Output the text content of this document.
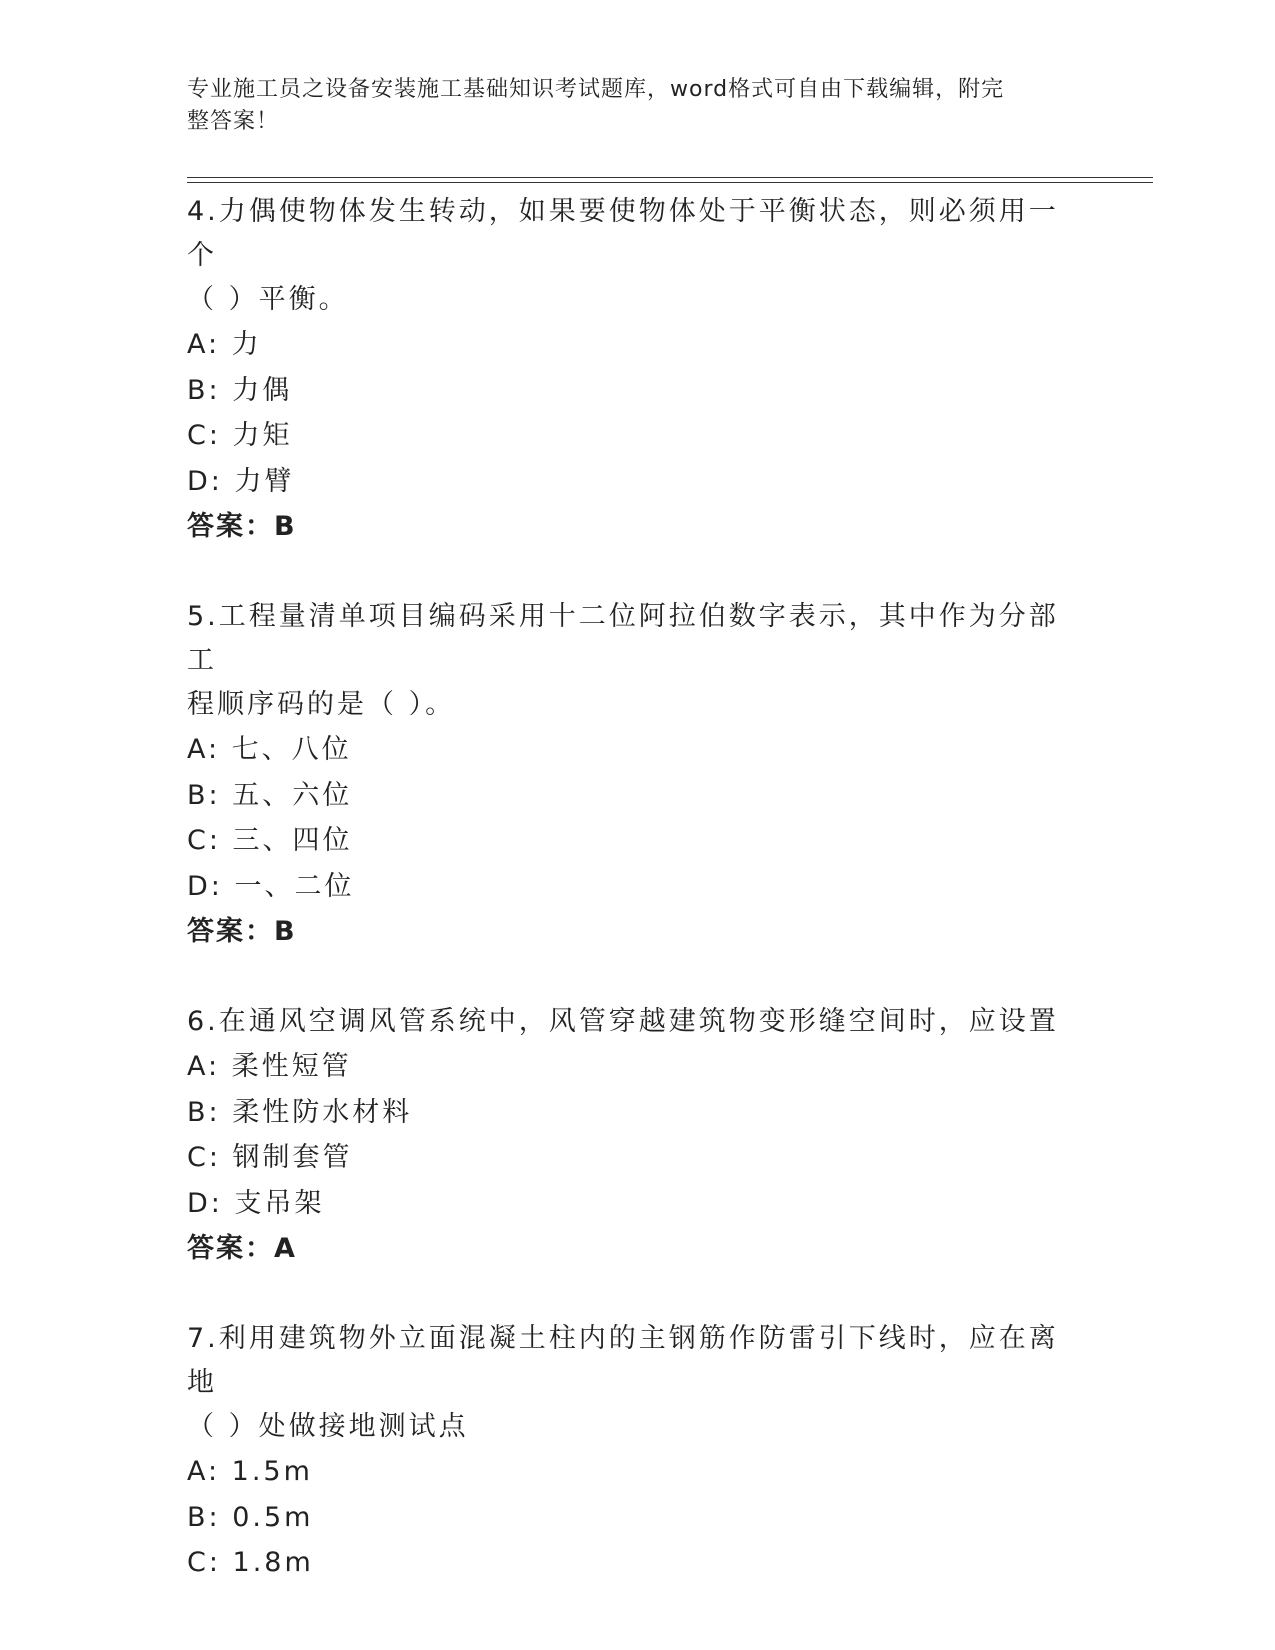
专业施工员之设备安装施工基础知识考试题库，word格式可自由下载编辑，附完
整答案！

4.力偶使物体发生转动，如果要使物体处于平衡状态，则必须用一个

（ ）平衡。

A: 力

B: 力偶

C: 力矩

D: 力臂

答案：B

5.工程量清单项目编码采用十二位阿拉伯数字表示，其中作为分部工

程顺序码的是（ ）。

A: 七、八位

B: 五、六位

C: 三、四位

D: 一、二位

答案：B

6.在通风空调风管系统中，风管穿越建筑物变形缝空间时，应设置

A: 柔性短管

B: 柔性防水材料

C: 钢制套管

D: 支吊架

答案：A

7.利用建筑物外立面混凝土柱内的主钢筋作防雷引下线时，应在离地

（ ）处做接地测试点

A: 1.5m

B: 0.5m

C: 1.8m
